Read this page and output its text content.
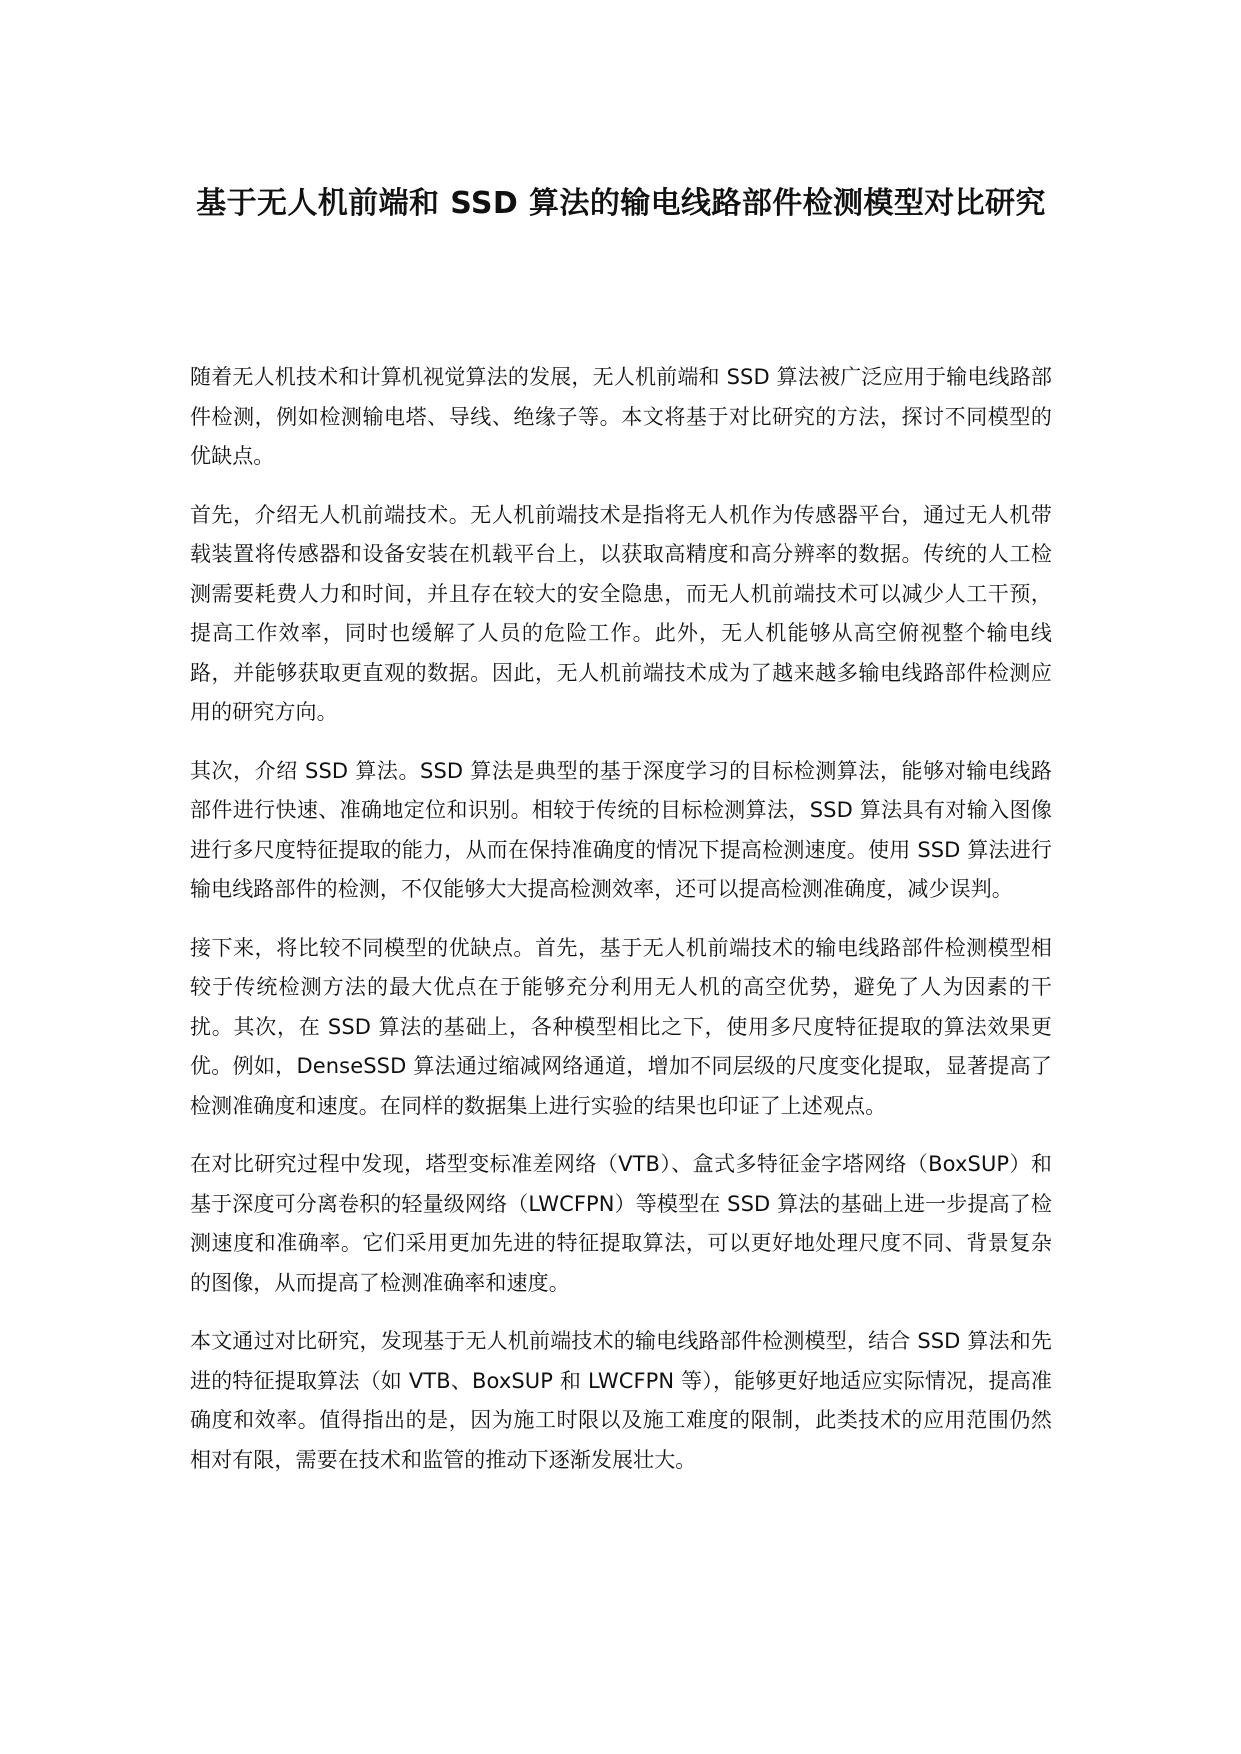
基于无人机前端和 SSD 算法的输电线路部件检测模型对比研究

随着无人机技术和计算机视觉算法的发展，无人机前端和 SSD 算法被广泛应用于输电线路部件检测，例如检测输电塔、导线、绝缘子等。本文将基于对比研究的方法，探讨不同模型的优缺点。

首先，介绍无人机前端技术。无人机前端技术是指将无人机作为传感器平台，通过无人机带载装置将传感器和设备安装在机载平台上，以获取高精度和高分辨率的数据。传统的人工检测需要耗费人力和时间，并且存在较大的安全隐患，而无人机前端技术可以减少人工干预，提高工作效率，同时也缓解了人员的危险工作。此外，无人机能够从高空俯视整个输电线路，并能够获取更直观的数据。因此，无人机前端技术成为了越来越多输电线路部件检测应用的研究方向。

其次，介绍 SSD 算法。SSD 算法是典型的基于深度学习的目标检测算法，能够对输电线路部件进行快速、准确地定位和识别。相较于传统的目标检测算法，SSD 算法具有对输入图像进行多尺度特征提取的能力，从而在保持准确度的情况下提高检测速度。使用 SSD 算法进行输电线路部件的检测，不仅能够大大提高检测效率，还可以提高检测准确度，减少误判。

接下来，将比较不同模型的优缺点。首先，基于无人机前端技术的输电线路部件检测模型相较于传统检测方法的最大优点在于能够充分利用无人机的高空优势，避免了人为因素的干扰。其次，在 SSD 算法的基础上，各种模型相比之下，使用多尺度特征提取的算法效果更优。例如，DenseSSD 算法通过缩减网络通道，增加不同层级的尺度变化提取，显著提高了检测准确度和速度。在同样的数据集上进行实验的结果也印证了上述观点。

在对比研究过程中发现，塔型变标准差网络（VTB）、盒式多特征金字塔网络（BoxSUP）和基于深度可分离卷积的轻量级网络（LWCFPN）等模型在 SSD 算法的基础上进一步提高了检测速度和准确率。它们采用更加先进的特征提取算法，可以更好地处理尺度不同、背景复杂的图像，从而提高了检测准确率和速度。

本文通过对比研究，发现基于无人机前端技术的输电线路部件检测模型，结合 SSD 算法和先进的特征提取算法（如 VTB、BoxSUP 和 LWCFPN 等），能够更好地适应实际情况，提高准确度和效率。值得指出的是，因为施工时限以及施工难度的限制，此类技术的应用范围仍然相对有限，需要在技术和监管的推动下逐渐发展壮大。
